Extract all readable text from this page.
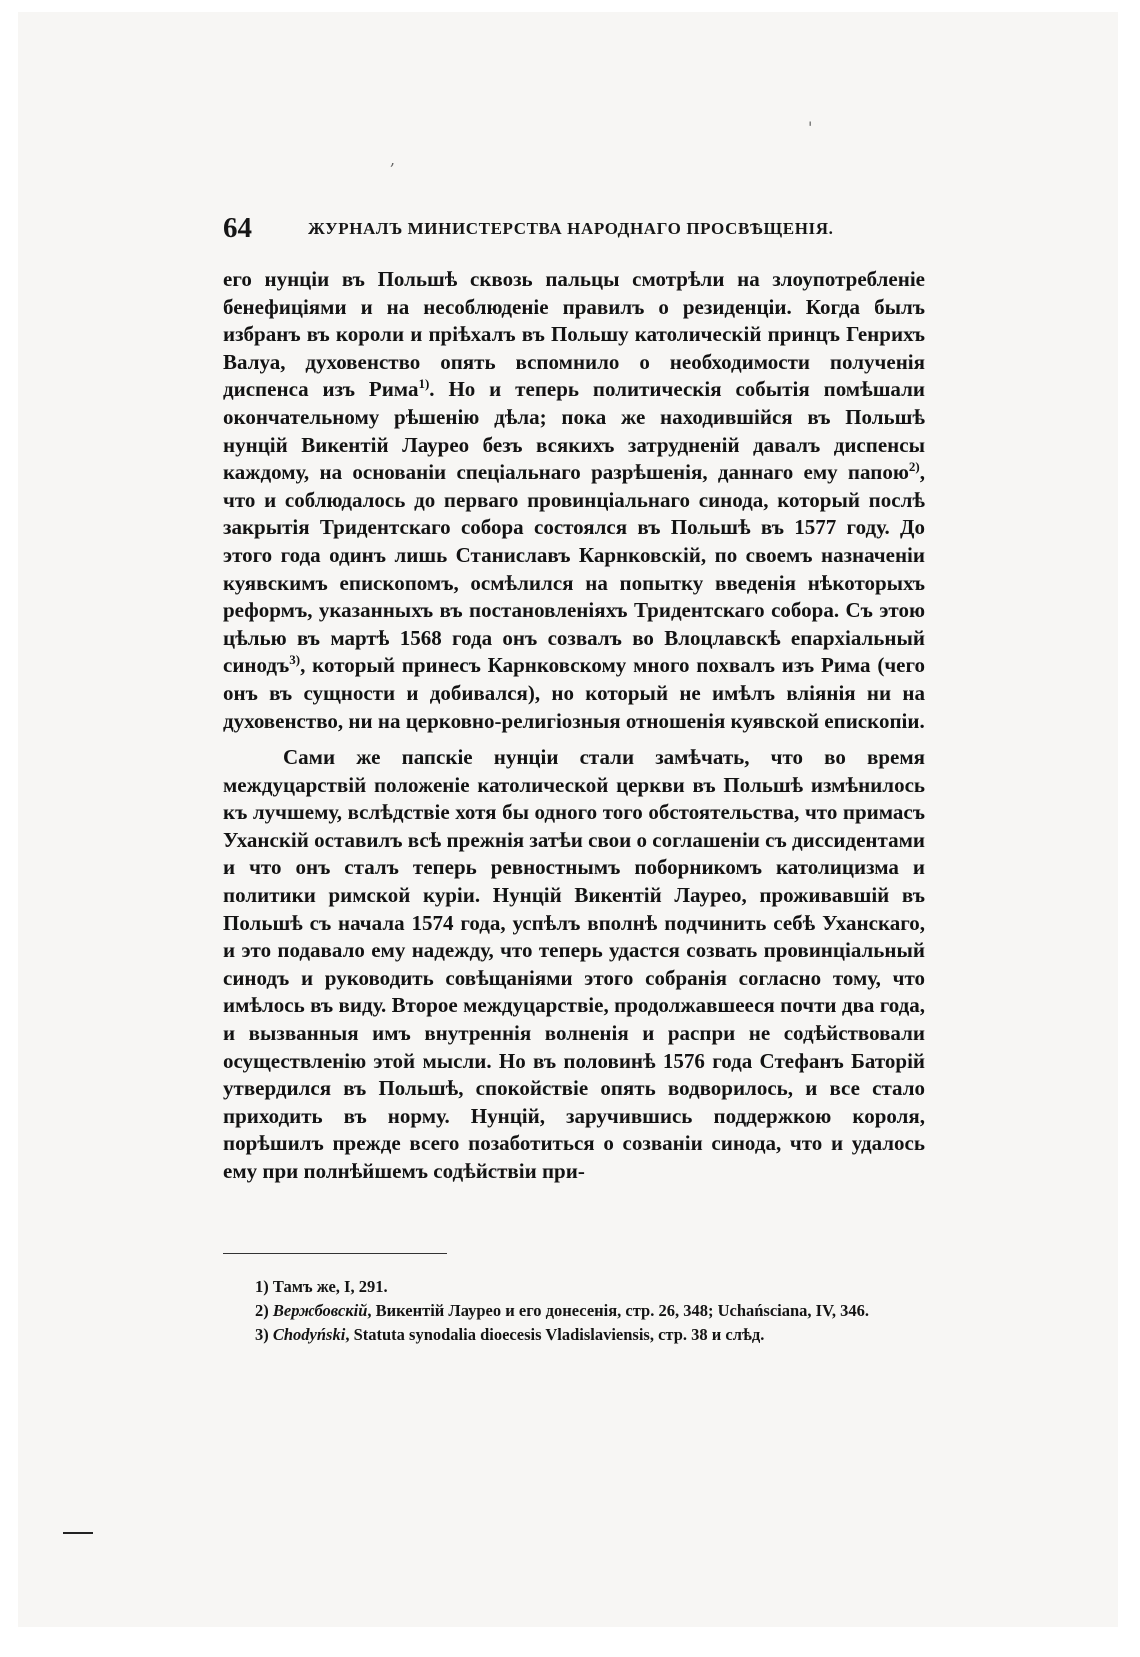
,
'
64	ЖУРНАЛЪ МИНИСТЕРСТВА НАРОДНАГО ПРОСВѢЩЕНІЯ.

его нунціи въ Польшѣ сквозь пальцы смотрѣли на злоупотребленіе бенефиціями и на несоблюденіе правилъ о резиденціи. Когда былъ избранъ въ короли и пріѣхалъ въ Польшу католическій принцъ Генрихъ Валуа, духовенство опять вспомнило о необходимости полученія диспенса изъ Рима$^{1)}$. Но и теперь политическія событія помѣшали окончательному рѣшенію дѣла; пока же находившійся въ Польшѣ нунцій Викентій Лауреo безъ всякихъ затрудненій давалъ диспенсы каждому, на основаніи спеціальнаго разрѣшенія, даннаго ему папою$^{2)}$, что и соблюдалось до перваго провинціальнаго синода, который послѣ закрытія Тридентскаго собора состоялся въ Польшѣ въ 1577 году. До этого года одинъ лишь Станиславъ Карнковскій, по своемъ назначеніи куявскимъ епископомъ, осмѣлился на попытку введенія нѣкоторыхъ реформъ, указанныхъ въ постановленіяхъ Тридентскаго собора. Съ этою цѣлью въ мартѣ 1568 года онъ созвалъ во Влоцлавскѣ епархіальный синодъ$^{3)}$, который принесъ Карнковскому много похвалъ изъ Рима (чего онъ въ сущности и добивался), но который не имѣлъ вліянія ни на духовенство, ни на церковно-религіозныя отношенія куявской епископіи.

Сами же папскіе нунціи стали замѣчать, что во время междуцарствій положеніе католической церкви въ Польшѣ измѣнилось къ лучшему, вслѣдствіе хотя бы одного того обстоятельства, что примасъ Уханскій оставилъ всѣ прежнія затѣи свои о соглашеніи съ диссидентами и что онъ сталъ теперь ревностнымъ поборникомъ католицизма и политики римской куріи. Нунцій Викентій Лауреo, проживавшій въ Польшѣ съ начала 1574 года, успѣлъ вполнѣ подчинить себѣ Уханскаго, и это подавало ему надежду, что теперь удастся созвать провинціальный синодъ и руководить совѣщаніями этого собранія согласно тому, что имѣлось въ виду. Второе междуцарствіе, продолжавшееся почти два года, и вызванныя имъ внутреннія волненія и распри не содѣйствовали осуществленію этой мысли. Но въ половинѣ 1576 года Стефанъ Баторій утвердился въ Польшѣ, спокойствіе опять водворилось, и все стало приходить въ норму. Нунцій, заручившись поддержкою короля, порѣшилъ прежде всего позаботиться о созваніи синода, что и удалось ему при полнѣйшемъ содѣйствіи при-

1) Тамъ же, I, 291.

2) Вержбовскій, Викентій Лауреo и его донесенія, стр. 26, 348; Uchańsciana, IV, 346.

3) Chodyński, Statuta synodalia dioecesis Vladislaviensis, стр. 38 и слѣд.
